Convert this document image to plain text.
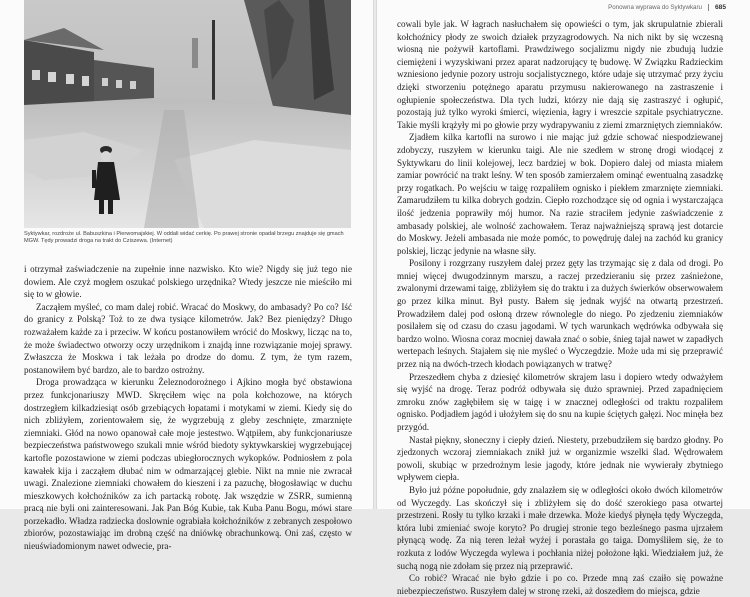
Syktywkar, rozdroże ul. Babuszkina i Pierwomajskiej. W oddali widać cerkię. Po prawej stronie opadał brzegu znajduje się gmach MGW. Tędy prowadzi droga na trakt do Cziszewa. (Internet)

i otrzymał zaświadczenie na zupełnie inne nazwisko. Kto wie? Nigdy się już tego nie dowiem. Ale czyż mogłem oszukać polskiego urzędnika? Wtedy jeszcze nie mieściło mi się to w głowie.

Zacząłem myśleć, co mam dalej robić. Wracać do Moskwy, do ambasady? Po co? Iść do granicy z Polską? Toż to ze dwa tysiące kilometrów. Jak? Bez pieniędzy? Długo rozważałem każde za i przeciw. W końcu postanowiłem wrócić do Moskwy, licząc na to, że może świadectwo otworzy oczy urzędnikom i znajdą inne rozwiązanie mojej sprawy. Zwłaszcza że Moskwa i tak leżała po drodze do domu. Z tym, że tym razem, postanowiłem być bardzo, ale to bardzo ostrożny.

Droga prowadząca w kierunku Żeleznodorożnego i Ajkino mogła być obstawiona przez funkcjonariuszy MWD. Skręciłem więc na pola kołchozowe, na których dostrzegłem kilkadziesiąt osób grzebiących łopatami i motykami w ziemi. Kiedy się do nich zbliżyłem, zorientowałem się, że wygrzebują z gleby zeschnięte, zmarznięte ziemniaki. Głód na nowo opanował całe moje jestestwo. Wątpiłem, aby funkcjonariusze bezpieczeństwa państwowego szukali mnie wśród biedoty syktywkarskiej wygrzebującej kartofle pozostawione w ziemi podczas ubiegłorocznych wykopków. Podniosłem z pola kawałek kija i zacząłem dłubać nim w odmarzającej glebie. Nikt na mnie nie zwracał uwagi. Znalezione ziemniaki chowałem do kieszeni i za pazuchę, błogosławiąc w duchu mieszkowych kołchoźników za ich partacką robotę. Jak wszędzie w ZSRR, sumienną pracą nie byli oni zainteresowani. Jak Pan Bóg Kubie, tak Kuba Panu Bogu, mówi stare porzekadło. Władza radziecka doslownie ograbiała kołchoźników z zebranych zespołowo zbiorów, pozostawiając im drobną część na dniówkę obrachunkową. Oni zaś, często w nieuświadomionym nawet odwecie, pra-

Ponowna wyprawa do Syktywkaru 685

cowali byle jak. W łagrach nasłuchałem się opowieści o tym, jak skrupulatnie zbierali kołchoźnicy płody ze swoich działek przyzagrodowych. Na nich nikt by się wczesną wiosną nie pożywił kartoflami. Prawdziwego socjalizmu nigdy nie zbudują ludzie ciemiężeni i wyzyskiwani przez aparat nadzorujący tę budowę. W Związku Radzieckim wzniesiono jedynie pozory ustroju socjalistycznego, które udaje się utrzymać przy życiu dzięki stworzeniu potężnego aparatu przymusu nakierowanego na zastraszenie i ogłupienie społeczeństwa. Dla tych ludzi, którzy nie dają się zastraszyć i ogłupić, pozostają już tylko wyroki śmierci, więzienia, łagry i wreszcie szpitale psychiatryczne. Takie myśli krążyły mi po głowie przy wydrapywaniu z ziemi zmarzniętych ziemniaków.

Zjadłem kilka kartofli na surowo i nie mając już gdzie schować niespodziewanej zdobyczy, ruszyłem w kierunku taigi. Ale nie szedłem w stronę drogi wiodącej z Syktywkaru do linii kolejowej, lecz bardziej w bok. Dopiero dalej od miasta miałem zamiar powrócić na trakt leśny. W ten sposób zamierzałem ominąć ewentualną zasadzkę przy rogatkach. Po wejściu w taigę rozpaliłem ognisko i piekłem zmarznięte ziemniaki. Zamarudziłem tu kilka dobrych godzin. Ciepło rozchodzące się od ognia i wystarczająca ilość jedzenia poprawiły mój humor. Na razie straciłem jedynie zaświadczenie z ambasady polskiej, ale wolność zachowałem. Teraz najważniejszą sprawą jest dotarcie do Moskwy. Jeżeli ambasada nie może pomóc, to powędruję dalej na zachód ku granicy polskiej, licząc jedynie na własne siły.

Posilony i rozgrzany ruszyłem dalej przez gęty las trzymając się z dala od drogi. Po mniej więcej dwugodzinnym marszu, a raczej przedzieraniu się przez zaśnieżone, zwalonymi drzewami taigę, zbliżyłem się do traktu i za dużych świerków obserwowałem go przez kilka minut. Był pusty. Bałem się jednak wyjść na otwartą przestrzeń. Prowadziłem dalej pod osłoną drzew równolegle do niego. Po zjedzeniu ziemniaków posilałem się od czasu do czasu jagodami. W tych warunkach wędrówka odbywała się bardzo wolno. Wiosna coraz mocniej dawała znać o sobie, śnieg tajał nawet w zapadłych wertepach leśnych. Stajałem się nie myśleć o Wyczegdzie. Może uda mi się przeprawić przez nią na dwóch-trzech kłodach powiązanych w tratwę?

Przeszedłem chyba z dziesięć kilometrów skrajem lasu i dopiero wtedy odważyłem się wyjść na drogę. Teraz podróż odbywała się dużo sprawniej. Przed zapadnięciem zmroku znów zagłębiłem się w taigę i w znacznej odległości od traktu rozpaliłem ognisko. Podjadłem jagód i ułożyłem się do snu na kupie ściętych gałęzi. Noc minęła bez przygód.

Nastał piękny, słoneczny i ciepły dzień. Niestety, przebudziłem się bardzo głodny. Po zjedzonych wczoraj ziemniakach znikł już w organizmie wszelki ślad. Wędrowałem powoli, skubiąc w przedrożnym lesie jagody, które jednak nie wywierały zbytniego wpływem ciepła.

Było już późne popołudnie, gdy znalazłem się w odległości około dwóch kilometrów od Wyczegdy. Las skończył się i zbliżyłem się do dość szerokiego pasa otwartej przestrzeni. Rosły tu tylko krzaki i małe drzewka. Może kiedyś płynęła tędy Wyczegda, która lubi zmieniać swoje koryto? Po drugiej stronie tego bezleśnego pasma ujrzałem płynącą wodę. Za nią teren leżał wyżej i porastała go taiga. Domyśliłem się, że to rozkuta z lodów Wyczegda wylewa i pochłania niżej położone łąki. Wiedziałem już, że suchą nogą nie zdołam się przez nią przeprawić.

Co robić? Wracać nie było gdzie i po co. Przede mną zaś czaiło się poważne niebezpieczeństwo. Ruszyłem dalej w stronę rzeki, aż doszedłem do miejsca, gdzie
